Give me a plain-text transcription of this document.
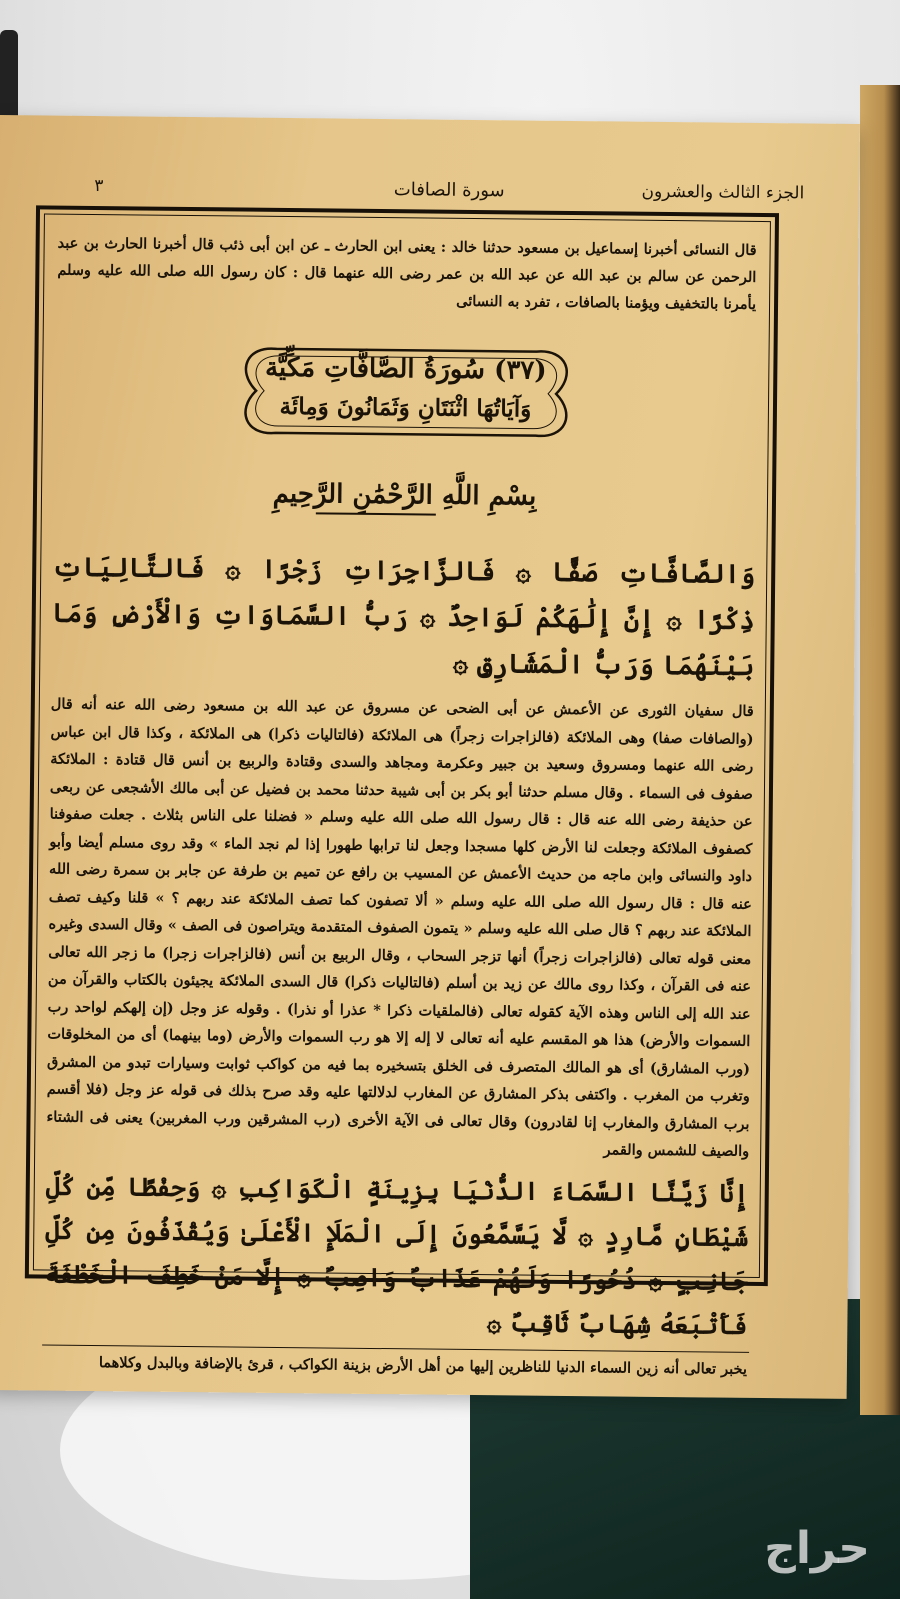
الجزء الثالث والعشرون
سورة الصافات
٣
قال النسائى أخبرنا إسماعيل بن مسعود حدثنا خالد : يعنى ابن الحارث ـ عن ابن أبى ذئب قال أخبرنا الحارث بن عبد الرحمن عن سالم بن عبد الله عن عبد الله بن عمر رضى الله عنهما قال : كان رسول الله صلى الله عليه وسلم يأمرنا بالتخفيف ويؤمنا بالصافات ، تفرد به النسائى
(٣٧) سُورَةُ الصَّافَّاتِ مَكِّيَّة
وَآيَاتُهَا اثْنَتَانِ وَثَمَانُونَ وَمِائَة
بِسْمِ اللَّهِ الرَّحْمَٰنِ الرَّحِيمِ
وَالصَّافَّاتِ صَفًّا ۞ فَالزَّاجِرَاتِ زَجْرًا ۞ فَالتَّالِيَاتِ ذِكْرًا ۞ إِنَّ إِلَٰهَكُمْ لَوَاحِدٌ ۞ رَبُّ السَّمَاوَاتِ وَالْأَرْضِ وَمَا بَيْنَهُمَا وَرَبُّ الْمَشَارِقِ ۞
قال سفيان الثورى عن الأعمش عن أبى الضحى عن مسروق عن عبد الله بن مسعود رضى الله عنه أنه قال (والصافات صفا) وهى الملائكة (فالزاجرات زجراً) هى الملائكة (فالتاليات ذكرا) هى الملائكة ، وكذا قال ابن عباس رضى الله عنهما ومسروق وسعيد بن جبير وعكرمة ومجاهد والسدى وقتادة والربيع بن أنس قال قتادة : الملائكة صفوف فى السماء . وقال مسلم حدثنا أبو بكر بن أبى شيبة حدثنا محمد بن فضيل عن أبى مالك الأشجعى عن ربعى عن حذيفة رضى الله عنه قال : قال رسول الله صلى الله عليه وسلم « فضلنا على الناس بثلاث . جعلت صفوفنا كصفوف الملائكة وجعلت لنا الأرض كلها مسجدا وجعل لنا ترابها طهورا إذا لم نجد الماء » وقد روى مسلم أيضا وأبو داود والنسائى وابن ماجه من حديث الأعمش عن المسيب بن رافع عن تميم بن طرفة عن جابر بن سمرة رضى الله عنه قال : قال رسول الله صلى الله عليه وسلم « ألا تصفون كما تصف الملائكة عند ربهم ؟ » قلنا وكيف تصف الملائكة عند ربهم ؟ قال صلى الله عليه وسلم « يتمون الصفوف المتقدمة ويتراصون فى الصف » وقال السدى وغيره معنى قوله تعالى (فالزاجرات زجراً) أنها تزجر السحاب ، وقال الربيع بن أنس (فالزاجرات زجرا) ما زجر الله تعالى عنه فى القرآن ، وكذا روى مالك عن زيد بن أسلم (فالتاليات ذكرا) قال السدى الملائكة يجيئون بالكتاب والقرآن من عند الله إلى الناس وهذه الآية كقوله تعالى (فالملقيات ذكرا * عذرا أو نذرا) . وقوله عز وجل (إن إلهكم لواحد رب السموات والأرض) هذا هو المقسم عليه أنه تعالى لا إله إلا هو رب السموات والأرض (وما بينهما) أى من المخلوقات (ورب المشارق) أى هو المالك المتصرف فى الخلق بتسخيره بما فيه من كواكب ثوابت وسيارات تبدو من المشرق وتغرب من المغرب . واكتفى بذكر المشارق عن المغارب لدلالتها عليه وقد صرح بذلك فى قوله عز وجل (فلا أقسم برب المشارق والمغارب إنا لقادرون) وقال تعالى فى الآية الأخرى (رب المشرقين ورب المغربين) يعنى فى الشتاء والصيف للشمس والقمر
إِنَّا زَيَّنَّا السَّمَاءَ الدُّنْيَا بِزِينَةٍ الْكَوَاكِبِ ۞ وَحِفْظًا مِّن كُلِّ شَيْطَانٍ مَّارِدٍ ۞ لَّا يَسَّمَّعُونَ إِلَى الْمَلَإِ الْأَعْلَىٰ وَيُقْذَفُونَ مِن كُلِّ جَانِبٍ ۞ دُحُورًا وَلَهُمْ عَذَابٌ وَاصِبٌ ۞ إِلَّا مَنْ خَطِفَ الْخَطْفَةَ فَأَتْبَعَهُ شِهَابٌ ثَاقِبٌ ۞
يخبر تعالى أنه زين السماء الدنيا للناظرين إليها من أهل الأرض بزينة الكواكب ، قرئ بالإضافة وبالبدل وكلاهما
حراج
